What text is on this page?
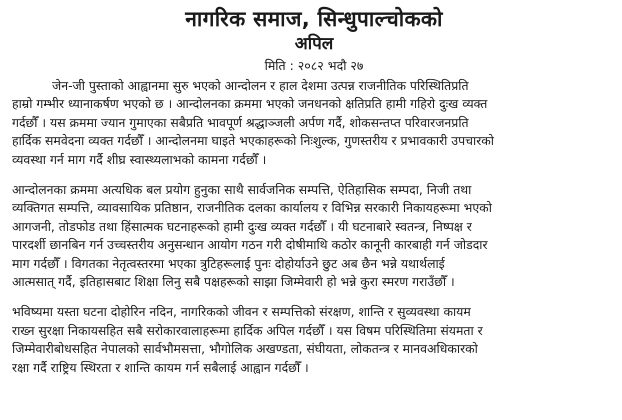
नागरिक समाज, सिन्धुपाल्चोकको
अपिल
मिति : २०८२ भदौ २७
जेन-जी पुस्ताको आह्वानमा सुरु भएको आन्दोलन र हाल देशमा उत्पन्न राजनीतिक परिस्थितिप्रति
हाम्रो गम्भीर ध्यानाकर्षण भएको छ । आन्दोलनका क्रममा भएको जनधनको क्षतिप्रति हामी गहिरो दुःख व्यक्त
गर्दछौँ । यस क्रममा ज्यान गुमाएका सबैप्रति भावपूर्ण श्रद्धाञ्जली अर्पण गर्दै, शोकसन्तप्त परिवारजनप्रति
हार्दिक समवेदना व्यक्त गर्दछौँ । आन्दोलनमा घाइते भएकाहरूको निःशुल्क, गुणस्तरीय र प्रभावकारी उपचारको
व्यवस्था गर्न माग गर्दै शीघ्र स्वास्थ्यलाभको कामना गर्दछौँ ।
आन्दोलनका क्रममा अत्यधिक बल प्रयोग हुनुका साथै सार्वजनिक सम्पत्ति, ऐतिहासिक सम्पदा, निजी तथा
व्यक्तिगत सम्पत्ति, व्यावसायिक प्रतिष्ठान, राजनीतिक दलका कार्यालय र विभिन्न सरकारी निकायहरूमा भएको
आगजनी, तोडफोड तथा हिंसात्मक घटनाहरूको हामी दुःख व्यक्त गर्दछौँ । यी घटनाबारे स्वतन्त्र, निष्पक्ष र
पारदर्शी छानबिन गर्न उच्चस्तरीय अनुसन्धान आयोग गठन गरी दोषीमाथि कठोर कानूनी कारबाही गर्न जोडदार
माग गर्दछौँ । विगतका नेतृत्वस्तरमा भएका त्रुटिहरूलाई पुनः दोहोर्याउने छुट अब छैन भन्ने यथार्थलाई
आत्मसात् गर्दै, इतिहासबाट शिक्षा लिनु सबै पक्षहरूको साझा जिम्मेवारी हो भन्ने कुरा स्मरण गराउँछौँ ।
भविष्यमा यस्ता घटना दोहोरिन नदिन, नागरिकको जीवन र सम्पत्तिको संरक्षण, शान्ति र सुव्यवस्था कायम
राख्न सुरक्षा निकायसहित सबै सरोकारवालाहरूमा हार्दिक अपिल गर्दछौँ । यस विषम परिस्थितिमा संयमता र
जिम्मेवारीबोधसहित नेपालको सार्वभौमसत्ता, भौगोलिक अखण्डता, संघीयता, लोकतन्त्र र मानवअधिकारको
रक्षा गर्दै राष्ट्रिय स्थिरता र शान्ति कायम गर्न सबैलाई आह्वान गर्दछौँ ।
